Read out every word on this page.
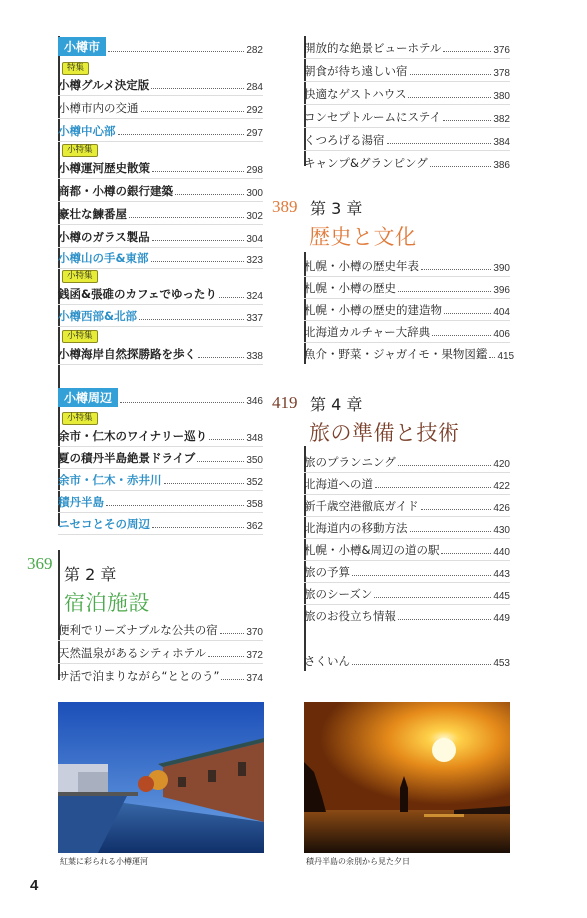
小樽市	282
特集
小樽グルメ決定版	284
小樽市内の交通	292
小樽中心部	297
小特集
小樽運河歴史散策	298
商都・小樽の銀行建築	300
豪壮な鰊番屋	302
小樽のガラス製品	304
小樽山の手&東部	323
小特集
銭函&張碓のカフェでゆったり	324
小樽西部&北部	337
小特集
小樽海岸自然探勝路を歩く	338
小樽周辺	346
小特集
余市・仁木のワイナリー巡り	348
夏の積丹半島絶景ドライブ	350
余市・仁木・赤井川	352
積丹半島	358
ニセコとその周辺	362
369
第 2 章
宿泊施設
便利でリーズナブルな公共の宿	370
天然温泉があるシティホテル	372
サ活で泊まりながら“ととのう”	374
開放的な絶景ビューホテル	376
朝食が待ち遠しい宿	378
快適なゲストハウス	380
コンセプトルームにステイ	382
くつろげる湯宿	384
キャンプ&グランピング	386
389 第 3 章
歴史と文化
札幌・小樽の歴史年表	390
札幌・小樽の歴史	396
札幌・小樽の歴史的建造物	404
北海道カルチャー大辞典	406
魚介・野菜・ジャガイモ・果物図鑑 415
419 第 4 章
旅の準備と技術
旅のプランニング	420
北海道への道	422
新千歳空港徹底ガイド	426
北海道内の移動方法	430
札幌・小樽&周辺の道の駅	440
旅の予算	443
旅のシーズン	445
旅のお役立ち情報	449
さくいん	453
紅葉に彩られる小樽運河	積丹半島の余別から見た夕日
4
